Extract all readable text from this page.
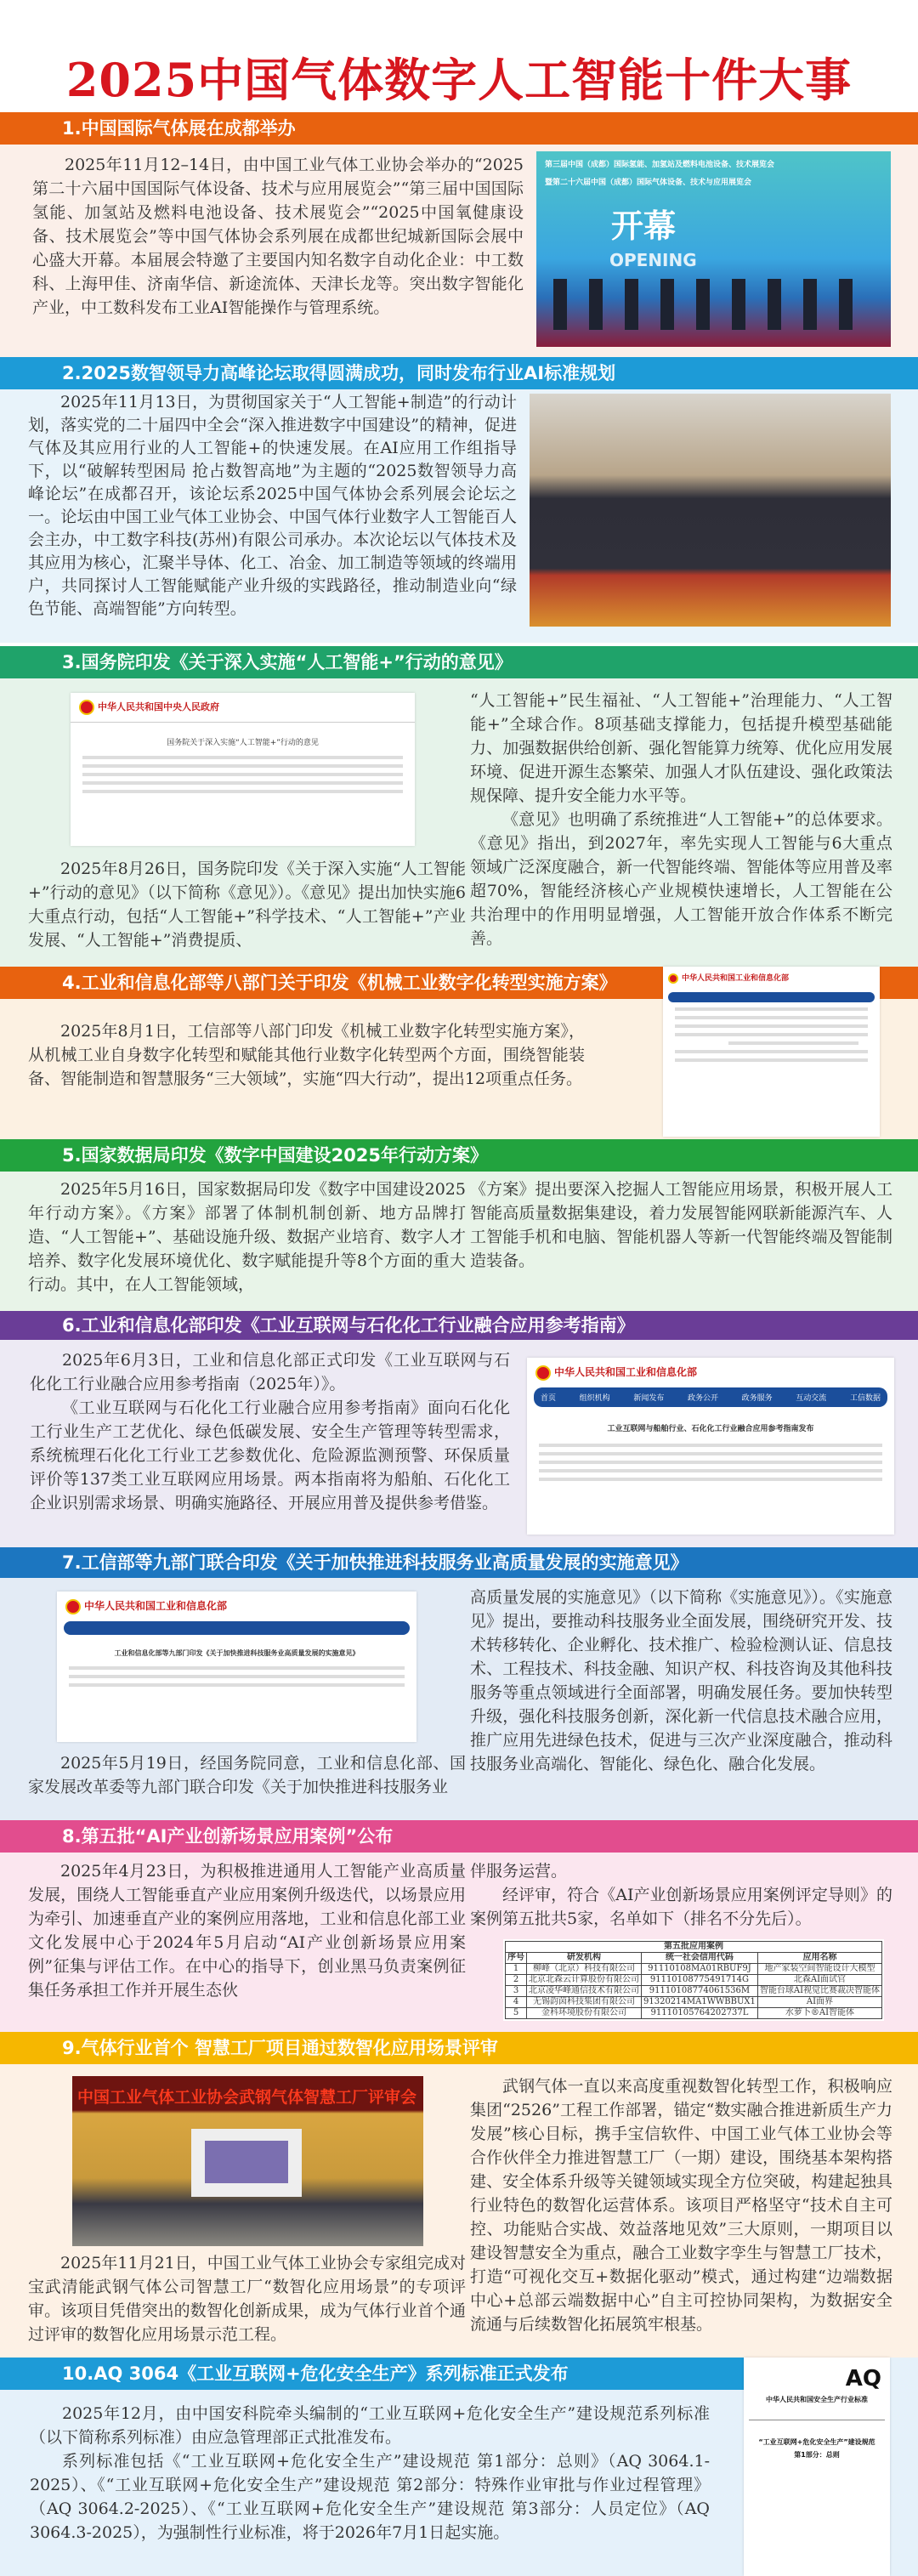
2025中国气体数字人工智能十件大事
1.中国国际气体展在成都举办

2025年11月12–14日，由中国工业气体工业协会举办的“2025第二十六届中国国际气体设备、技术与应用展览会”“第三届中国国际氢能、加氢站及燃料电池设备、技术展览会”“2025中国氧健康设备、技术展览会”等中国气体协会系列展在成都世纪城新国际会展中心盛大开幕。本届展会特邀了主要国内知名数字自动化企业：中工数科、上海甲佳、济南华信、新途流体、天津长龙等。突出数字智能化产业，中工数科发布工业AI智能操作与管理系统。

第三届中国（成都）国际氢能、加氢站及燃料电池设备、技术展览会
暨第二十六届中国（成都）国际气体设备、技术与应用展览会
开幕
OPENING
2.2025数智领导力高峰论坛取得圆满成功，同时发布行业AI标准规划

2025年11月13日，为贯彻国家关于“人工智能+制造”的行动计划，落实党的二十届四中全会“深入推进数字中国建设”的精神，促进气体及其应用行业的人工智能+的快速发展。在AI应用工作组指导下，以“破解转型困局 抢占数智高地”为主题的“2025数智领导力高峰论坛”在成都召开，该论坛系2025中国气体协会系列展会论坛之一。论坛由中国工业气体工业协会、中国气体行业数字人工智能百人会主办，中工数字科技(苏州)有限公司承办。本次论坛以气体技术及其应用为核心，汇聚半导体、化工、冶金、加工制造等领域的终端用户，共同探讨人工智能赋能产业升级的实践路径，推动制造业向“绿色节能、高端智能”方向转型。

3.国务院印发《关于深入实施“人工智能+”行动的意见》
中华人民共和国中央人民政府
国务院关于深入实施“人工智能+”行动的意见

2025年8月26日，国务院印发《关于深入实施“人工智能+”行动的意见》（以下简称《意见》）。《意见》提出加快实施6大重点行动，包括“人工智能+”科学技术、“人工智能+”产业发展、“人工智能+”消费提质、

“人工智能+”民生福祉、“人工智能+”治理能力、“人工智能+”全球合作。8项基础支撑能力，包括提升模型基础能力、加强数据供给创新、强化智能算力统筹、优化应用发展环境、促进开源生态繁荣、加强人才队伍建设、强化政策法规保障、提升安全能力水平等。

《意见》也明确了系统推进“人工智能+”的总体要求。《意见》指出，到2027年，率先实现人工智能与6大重点领域广泛深度融合，新一代智能终端、智能体等应用普及率超70%，智能经济核心产业规模快速增长，人工智能在公共治理中的作用明显增强，人工智能开放合作体系不断完善。

4.工业和信息化部等八部门关于印发《机械工业数字化转型实施方案》

2025年8月1日，工信部等八部门印发《机械工业数字化转型实施方案》，从机械工业自身数字化转型和赋能其他行业数字化转型两个方面，围绕智能装备、智能制造和智慧服务“三大领域”，实施“四大行动”，提出12项重点任务。

中华人民共和国工业和信息化部
5.国家数据局印发《数字中国建设2025年行动方案》

2025年5月16日，国家数据局印发《数字中国建设2025年行动方案》。《方案》部署了体制机制创新、地方品牌打造、“人工智能+”、基础设施升级、数据产业培育、数字人才培养、数字化发展环境优化、数字赋能提升等8个方面的重大行动。其中，在人工智能领域，

《方案》提出要深入挖掘人工智能应用场景，积极开展人工智能高质量数据集建设，着力发展智能网联新能源汽车、人工智能手机和电脑、智能机器人等新一代智能终端及智能制造装备。

6.工业和信息化部印发《工业互联网与石化化工行业融合应用参考指南》

2025年6月3日，工业和信息化部正式印发《工业互联网与石化化工行业融合应用参考指南（2025年）》。

《工业互联网与石化化工行业融合应用参考指南》面向石化化工行业生产工艺优化、绿色低碳发展、安全生产管理等转型需求，系统梳理石化化工行业工艺参数优化、危险源监测预警、环保质量评价等137类工业互联网应用场景。两本指南将为船舶、石化化工企业识别需求场景、明确实施路径、开展应用普及提供参考借鉴。

中华人民共和国工业和信息化部
首页	组织机构	新闻发布	政务公开	政务服务	互动交流	工信数据
工业互联网与船舶行业、石化化工行业融合应用参考指南发布
7.工信部等九部门联合印发《关于加快推进科技服务业高质量发展的实施意见》
中华人民共和国工业和信息化部
工业和信息化部等九部门印发《关于加快推进科技服务业高质量发展的实施意见》

2025年5月19日，经国务院同意，工业和信息化部、国家发展改革委等九部门联合印发《关于加快推进科技服务业

高质量发展的实施意见》（以下简称《实施意见》）。《实施意见》提出，要推动科技服务业全面发展，围绕研究开发、技术转移转化、企业孵化、技术推广、检验检测认证、信息技术、工程技术、科技金融、知识产权、科技咨询及其他科技服务等重点领域进行全面部署，明确发展任务。要加快转型升级，强化科技服务创新，深化新一代信息技术融合应用，推广应用先进绿色技术，促进与三次产业深度融合，推动科技服务业高端化、智能化、绿色化、融合化发展。

8.第五批“AI产业创新场景应用案例”公布

2025年4月23日，为积极推进通用人工智能产业高质量发展，围绕人工智能垂直产业应用案例升级迭代，以场景应用为牵引、加速垂直产业的案例应用落地，工业和信息化部工业文化发展中心于2024年5月启动“AI产业创新场景应用案例”征集与评估工作。在中心的指导下，创业黑马负责案例征集任务承担工作并开展生态伙

伴服务运营。

经评审，符合《AI产业创新场景应用案例评定导则》的案例第五批共5家，名单如下（排名不分先后）。

第五批应用案例			
序号	研发机构	统一社会信用代码	应用名称
1	柳峰（北京）科技有限公司	91110108MA01RBUF9J	地产家装空间智能设计大模型
2	北京北森云计算股份有限公司	91110108775491714G	北森AI面试官
3	北京凌华峰通信技术有限公司	91110108774061536M	智能台球AI视觉比赛裁决智能体
4	无锡韵茵科技集团有限公司	91320214MA1WWBBUX1	AI面界
5	金科环境股份有限公司	91110105764202737L	水萝卜®AI智能体
9.气体行业首个 智慧工厂项目通过数智化应用场景评审
中国工业气体工业协会武钢气体智慧工厂评审会

2025年11月21日，中国工业气体工业协会专家组完成对宝武清能武钢气体公司智慧工厂“数智化应用场景”的专项评审。该项目凭借突出的数智化创新成果，成为气体行业首个通过评审的数智化应用场景示范工程。

武钢气体一直以来高度重视数智化转型工作，积极响应集团“2526”工程工作部署，锚定“数实融合推进新质生产力发展”核心目标，携手宝信软件、中国工业气体工业协会等合作伙伴全力推进智慧工厂（一期）建设，围绕基本架构搭建、安全体系升级等关键领域实现全方位突破，构建起独具行业特色的数智化运营体系。该项目严格坚守“技术自主可控、功能贴合实战、效益落地见效”三大原则，一期项目以建设智慧安全为重点，融合工业数字孪生与智慧工厂技术，打造“可视化交互+数据化驱动”模式，通过构建“边端数据中心+总部云端数据中心”自主可控协同架构，为数据安全流通与后续数智化拓展筑牢根基。

10.AQ 3064《工业互联网+危化安全生产》系列标准正式发布

2025年12月，由中国安科院牵头编制的“工业互联网+危化安全生产”建设规范系列标准（以下简称系列标准）由应急管理部正式批准发布。

系列标准包括《“工业互联网+危化安全生产”建设规范 第1部分：总则》（AQ 3064.1-2025）、《“工业互联网+危化安全生产”建设规范 第2部分：特殊作业审批与作业过程管理》（AQ 3064.2-2025）、《“工业互联网+危化安全生产”建设规范 第3部分：人员定位》（AQ 3064.3-2025），为强制性行业标准，将于2026年7月1日起实施。

AQ
中华人民共和国安全生产行业标准
“工业互联网+危化安全生产”建设规范
第1部分：总则
